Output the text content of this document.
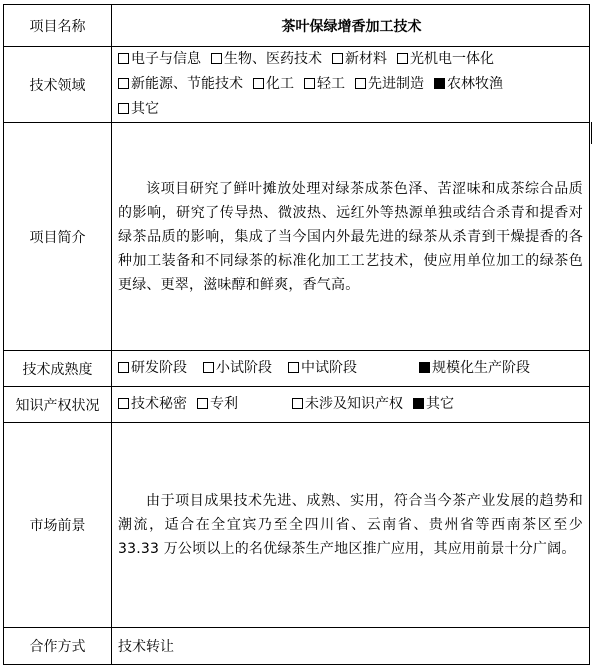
项目名称	茶叶保绿增香加工技术
技术领域	电子与信息 生物、医药技术 新材料 光机电一体化
新能源、节能技术 化工 轻工 先进制造 农林牧渔
其它

项目简介	该项目研究了鲜叶摊放处理对绿茶成茶色泽、苦涩味和成茶综合品质的影响，研究了传导热、微波热、远红外等热源单独或结合杀青和提香对绿茶品质的影响，集成了当今国内外最先进的绿茶从杀青到干燥提香的各种加工装备和不同绿茶的标准化加工工艺技术，使应用单位加工的绿茶色更绿、更翠，滋味醇和鲜爽，香气高。

技术成熟度	研发阶段 小试阶段 中试阶段 规模化生产阶段

知识产权状况	技术秘密 专利 未涉及知识产权 其它

市场前景	由于项目成果技术先进、成熟、实用，符合当今茶产业发展的趋势和潮流，适合在全宜宾乃至全四川省、云南省、贵州省等西南茶区至少 33.33 万公顷以上的名优绿茶生产地区推广应用，其应用前景十分广阔。

合作方式	技术转让
